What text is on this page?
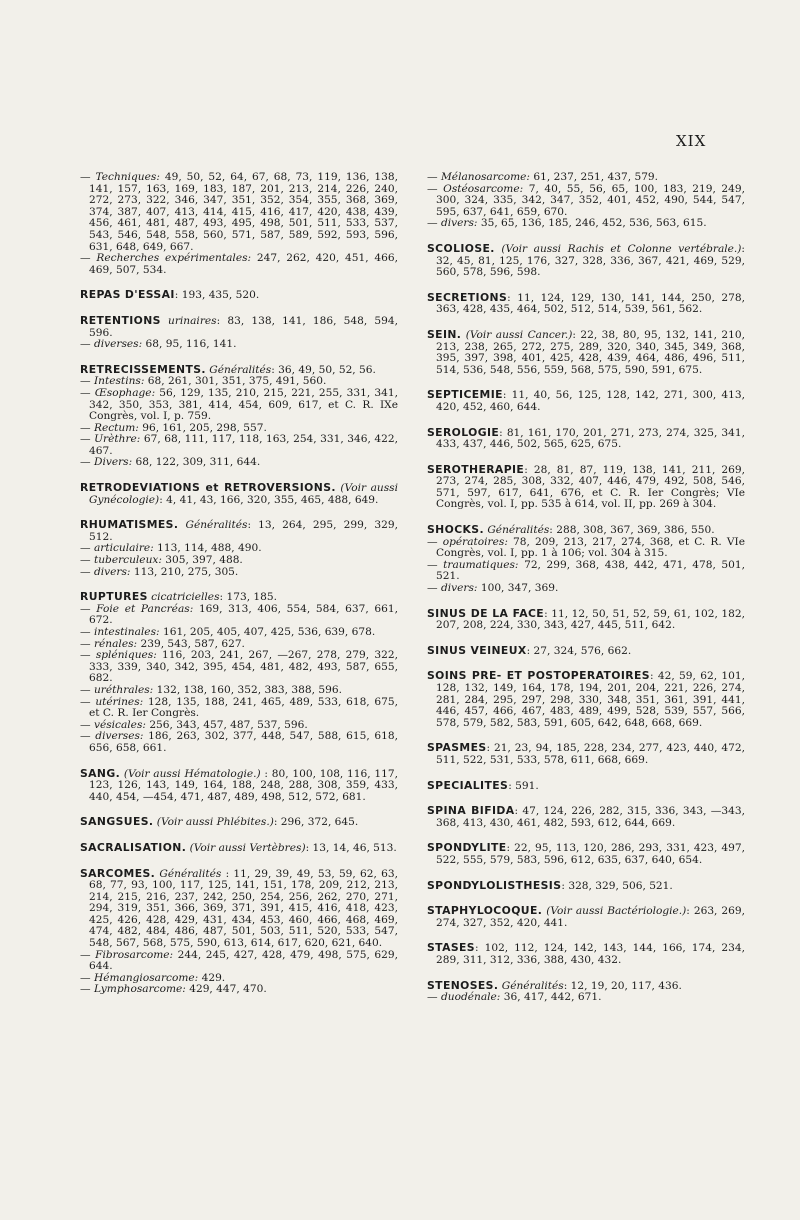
XIX
— Techniques: 49, 50, 52, 64, 67, 68, 73, 119, 136, 138, 141, 157, 163, 169, 183, 187, 201, 213, 214, 226, 240, 272, 273, 322, 346, 347, 351, 352, 354, 355, 368, 369, 374, 387, 407, 413, 414, 415, 416, 417, 420, 438, 439, 456, 461, 481, 487, 493, 495, 498, 501, 511, 533, 537, 543, 546, 548, 558, 560, 571, 587, 589, 592, 593, 596, 631, 648, 649, 667.
— Recherches expérimentales: 247, 262, 420, 451, 466, 469, 507, 534.
REPAS D'ESSAI: 193, 435, 520.
RETENTIONS urinaires: 83, 138, 141, 186, 548, 594, 596.
— diverses: 68, 95, 116, 141.
RETRECISSEMENTS. Généralités: 36, 49, 50, 52, 56.
— Intestins: 68, 261, 301, 351, 375, 491, 560.
— Œsophage: 56, 129, 135, 210, 215, 221, 255, 331, 341, 342, 350, 353, 381, 414, 454, 609, 617, et C. R. IXe Congrès, vol. I, p. 759.
— Rectum: 96, 161, 205, 298, 557.
— Urèthre: 67, 68, 111, 117, 118, 163, 254, 331, 346, 422, 467.
— Divers: 68, 122, 309, 311, 644.
RETRODEVIATIONS et RETROVERSIONS. (Voir aussi Gynécologie): 4, 41, 43, 166, 320, 355, 465, 488, 649.
RHUMATISMES. Généralités: 13, 264, 295, 299, 329, 512.
— articulaire: 113, 114, 488, 490.
— tuberculeux: 305, 397, 488.
— divers: 113, 210, 275, 305.
RUPTURES cicatricielles: 173, 185.
— Foie et Pancréas: 169, 313, 406, 554, 584, 637, 661, 672.
— intestinales: 161, 205, 405, 407, 425, 536, 639, 678.
— rénales: 239, 543, 587, 627.
— spléniques: 116, 203, 241, 267, —267, 278, 279, 322, 333, 339, 340, 342, 395, 454, 481, 482, 493, 587, 655, 682.
— uréthrales: 132, 138, 160, 352, 383, 388, 596.
— utérines: 128, 135, 188, 241, 465, 489, 533, 618, 675, et C. R. Ier Congrès.
— vésicales: 256, 343, 457, 487, 537, 596.
— diverses: 186, 263, 302, 377, 448, 547, 588, 615, 618, 656, 658, 661.
SANG. (Voir aussi Hématologie.) : 80, 100, 108, 116, 117, 123, 126, 143, 149, 164, 188, 248, 288, 308, 359, 433, 440, 454, —454, 471, 487, 489, 498, 512, 572, 681.
SANGSUES. (Voir aussi Phlébites.): 296, 372, 645.
SACRALISATION. (Voir aussi Vertèbres): 13, 14, 46, 513.
SARCOMES. Généralités : 11, 29, 39, 49, 53, 59, 62, 63, 68, 77, 93, 100, 117, 125, 141, 151, 178, 209, 212, 213, 214, 215, 216, 237, 242, 250, 254, 256, 262, 270, 271, 294, 319, 351, 366, 369, 371, 391, 415, 416, 418, 423, 425, 426, 428, 429, 431, 434, 453, 460, 466, 468, 469, 474, 482, 484, 486, 487, 501, 503, 511, 520, 533, 547, 548, 567, 568, 575, 590, 613, 614, 617, 620, 621, 640.
— Fibrosarcome: 244, 245, 427, 428, 479, 498, 575, 629, 644.
— Hémangiosarcome: 429.
— Lymphosarcome: 429, 447, 470.
— Mélanosarcome: 61, 237, 251, 437, 579.
— Ostéosarcome: 7, 40, 55, 56, 65, 100, 183, 219, 249, 300, 324, 335, 342, 347, 352, 401, 452, 490, 544, 547, 595, 637, 641, 659, 670.
— divers: 35, 65, 136, 185, 246, 452, 536, 563, 615.
SCOLIOSE. (Voir aussi Rachis et Colonne vertébrale.): 32, 45, 81, 125, 176, 327, 328, 336, 367, 421, 469, 529, 560, 578, 596, 598.
SECRETIONS: 11, 124, 129, 130, 141, 144, 250, 278, 363, 428, 435, 464, 502, 512, 514, 539, 561, 562.
SEIN. (Voir aussi Cancer.): 22, 38, 80, 95, 132, 141, 210, 213, 238, 265, 272, 275, 289, 320, 340, 345, 349, 368, 395, 397, 398, 401, 425, 428, 439, 464, 486, 496, 511, 514, 536, 548, 556, 559, 568, 575, 590, 591, 675.
SEPTICEMIE: 11, 40, 56, 125, 128, 142, 271, 300, 413, 420, 452, 460, 644.
SEROLOGIE: 81, 161, 170, 201, 271, 273, 274, 325, 341, 433, 437, 446, 502, 565, 625, 675.
SEROTHERAPIE: 28, 81, 87, 119, 138, 141, 211, 269, 273, 274, 285, 308, 332, 407, 446, 479, 492, 508, 546, 571, 597, 617, 641, 676, et C. R. Ier Congrès; VIe Congrès, vol. I, pp. 535 à 614, vol. II, pp. 269 à 304.
SHOCKS. Généralités: 288, 308, 367, 369, 386, 550.
— opératoires: 78, 209, 213, 217, 274, 368, et C. R. VIe Congrès, vol. I, pp. 1 à 106; vol. 304 à 315.
— traumatiques: 72, 299, 368, 438, 442, 471, 478, 501, 521.
— divers: 100, 347, 369.
SINUS DE LA FACE: 11, 12, 50, 51, 52, 59, 61, 102, 182, 207, 208, 224, 330, 343, 427, 445, 511, 642.
SINUS VEINEUX: 27, 324, 576, 662.
SOINS PRE- ET POSTOPERATOIRES: 42, 59, 62, 101, 128, 132, 149, 164, 178, 194, 201, 204, 221, 226, 274, 281, 284, 295, 297, 298, 330, 348, 351, 361, 391, 441, 446, 457, 466, 467, 483, 489, 499, 528, 539, 557, 566, 578, 579, 582, 583, 591, 605, 642, 648, 668, 669.
SPASMES: 21, 23, 94, 185, 228, 234, 277, 423, 440, 472, 511, 522, 531, 533, 578, 611, 668, 669.
SPECIALITES: 591.
SPINA BIFIDA: 47, 124, 226, 282, 315, 336, 343, —343, 368, 413, 430, 461, 482, 593, 612, 644, 669.
SPONDYLITE: 22, 95, 113, 120, 286, 293, 331, 423, 497, 522, 555, 579, 583, 596, 612, 635, 637, 640, 654.
SPONDYLOLISTHESIS: 328, 329, 506, 521.
STAPHYLOCOQUE. (Voir aussi Bactériologie.): 263, 269, 274, 327, 352, 420, 441.
STASES: 102, 112, 124, 142, 143, 144, 166, 174, 234, 289, 311, 312, 336, 388, 430, 432.
STENOSES. Généralités: 12, 19, 20, 117, 436.
— duodénale: 36, 417, 442, 671.
